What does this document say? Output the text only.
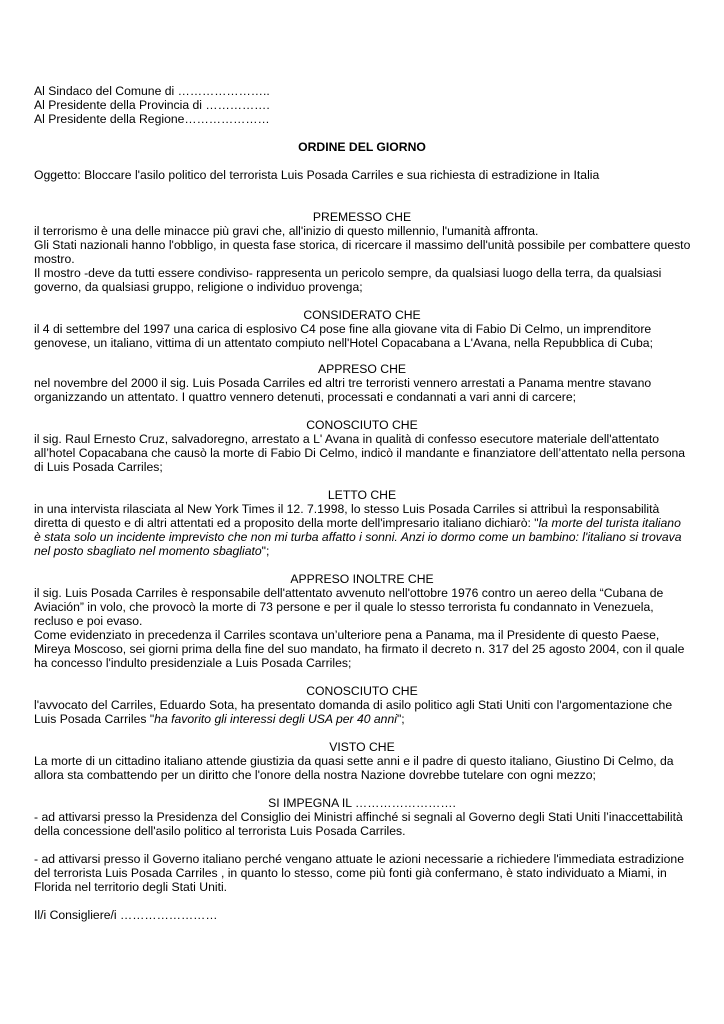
Al Sindaco del Comune di …………………..
Al Presidente della Provincia di …………….
Al Presidente della Regione…………………
ORDINE DEL GIORNO
Oggetto: Bloccare l'asilo politico del terrorista Luis Posada Carriles e sua richiesta di estradizione in Italia
PREMESSO CHE
il terrorismo è una delle minacce più gravi che, all'inizio di questo millennio, l'umanità affronta.
Gli Stati nazionali hanno l'obbligo, in questa fase storica, di ricercare il massimo dell'unità possibile per combattere questo
mostro.
Il mostro -deve da tutti essere condiviso- rappresenta un pericolo sempre, da qualsiasi luogo della terra, da qualsiasi
governo, da qualsiasi gruppo, religione o individuo provenga;
CONSIDERATO CHE
il 4 di settembre del 1997 una carica di esplosivo C4 pose fine alla giovane vita di Fabio Di Celmo, un imprenditore
genovese, un italiano, vittima di un attentato compiuto nell'Hotel Copacabana a L'Avana, nella Repubblica di Cuba;
APPRESO CHE
nel novembre del 2000 il sig. Luis Posada Carriles ed altri tre terroristi vennero arrestati a Panama mentre stavano
organizzando un attentato. I quattro vennero detenuti, processati e condannati a vari anni di carcere;
CONOSCIUTO CHE
il sig. Raul Ernesto Cruz, salvadoregno, arrestato a L' Avana in qualità di confesso esecutore materiale dell'attentato
all’hotel Copacabana che causò la morte di Fabio Di Celmo, indicò il mandante e finanziatore dell’attentato nella persona
di Luis Posada Carriles;
LETTO CHE
in una intervista rilasciata al New York Times il 12. 7.1998, lo stesso Luis Posada Carriles si attribuì la responsabilità
diretta di questo e di altri attentati ed a proposito della morte dell'impresario italiano dichiarò: "la morte del turista italiano
è stata solo un incidente imprevisto che non mi turba affatto i sonni. Anzi io dormo come un bambino: l'italiano si trovava
nel posto sbagliato nel momento sbagliato";
APPRESO INOLTRE CHE
il sig. Luis Posada Carriles è responsabile dell'attentato avvenuto nell'ottobre 1976 contro un aereo della “Cubana de
Aviación” in volo, che provocò la morte di 73 persone e per il quale lo stesso terrorista fu condannato in Venezuela,
recluso e poi evaso.
Come evidenziato in precedenza il Carriles scontava un’ulteriore pena a Panama, ma il Presidente di questo Paese,
Mireya Moscoso, sei giorni prima della fine del suo mandato, ha firmato il decreto n. 317 del 25 agosto 2004, con il quale
ha concesso l'indulto presidenziale a Luis Posada Carriles;
CONOSCIUTO CHE
l'avvocato del Carriles, Eduardo Sota, ha presentato domanda di asilo politico agli Stati Uniti con l'argomentazione che
Luis Posada Carriles "ha favorito gli interessi degli USA per 40 anni";
VISTO CHE
La morte di un cittadino italiano attende giustizia da quasi sette anni e il padre di questo italiano, Giustino Di Celmo, da
allora sta combattendo per un diritto che l'onore della nostra Nazione dovrebbe tutelare con ogni mezzo;
SI IMPEGNA IL …………………….
- ad attivarsi presso la Presidenza del Consiglio dei Ministri affinché si segnali al Governo degli Stati Uniti l’inaccettabilità
della concessione dell'asilo politico al terrorista Luis Posada Carriles.
- ad attivarsi presso il Governo italiano perché vengano attuate le azioni necessarie a richiedere l'immediata estradizione
del terrorista Luis Posada Carriles , in quanto lo stesso, come più fonti già confermano, è stato individuato a Miami, in
Florida nel territorio degli Stati Uniti.
Il/i Consigliere/i ……………………
